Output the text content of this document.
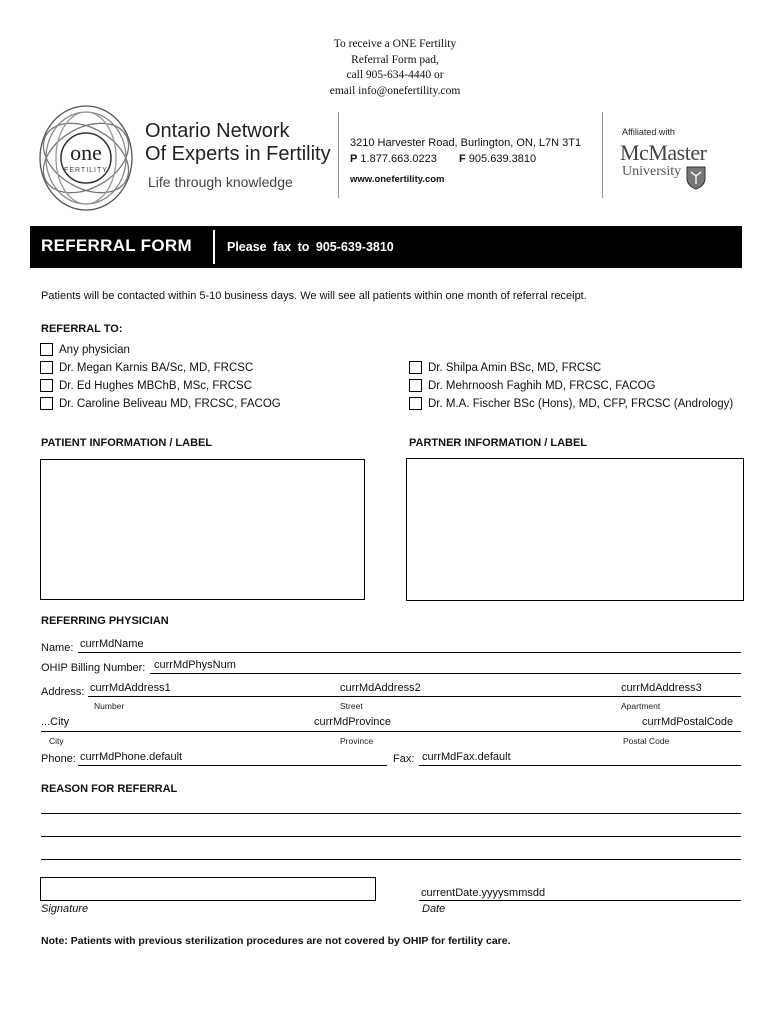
To receive a ONE Fertility
Referral Form pad,
call 905-634-4440 or
email info@onefertility.com
one
FERTILITY
Ontario Network
Of Experts in Fertility
Life through knowledge
3210 Harvester Road, Burlington, ON, L7N 3T1
P 1.877.663.0223 F 905.639.3810
www.onefertility.com
Affiliated with
McMaster
University
REFERRAL FORM	Please fax to 905-639-3810
Patients will be contacted within 5-10 business days. We will see all patients within one month of referral receipt.
REFERRAL TO:
Any physician
Dr. Megan Karnis BA/Sc, MD, FRCSC
Dr. Ed Hughes MBChB, MSc, FRCSC
Dr. Caroline Beliveau MD, FRCSC, FACOG
Dr. Shilpa Amin BSc, MD, FRCSC
Dr. Mehrnoosh Faghih MD, FRCSC, FACOG
Dr. M.A. Fischer BSc (Hons), MD, CFP, FRCSC (Andrology)
PATIENT INFORMATION / LABEL	PARTNER INFORMATION / LABEL
REFERRING PHYSICIAN
Name: currMdName
OHIP Billing Number: currMdPhysNum
Address: currMdAddress1	currMdAddress2	currMdAddress3
Number	Street	Apartment
...City	currMdProvince	currMdPostalCode
City	Province	Postal Code
Phone: currMdPhone.default	Fax: currMdFax.default
REASON FOR REFERRAL
Signature
currentDate.yyyysmmsdd
Date
Note: Patients with previous sterilization procedures are not covered by OHIP for fertility care.
